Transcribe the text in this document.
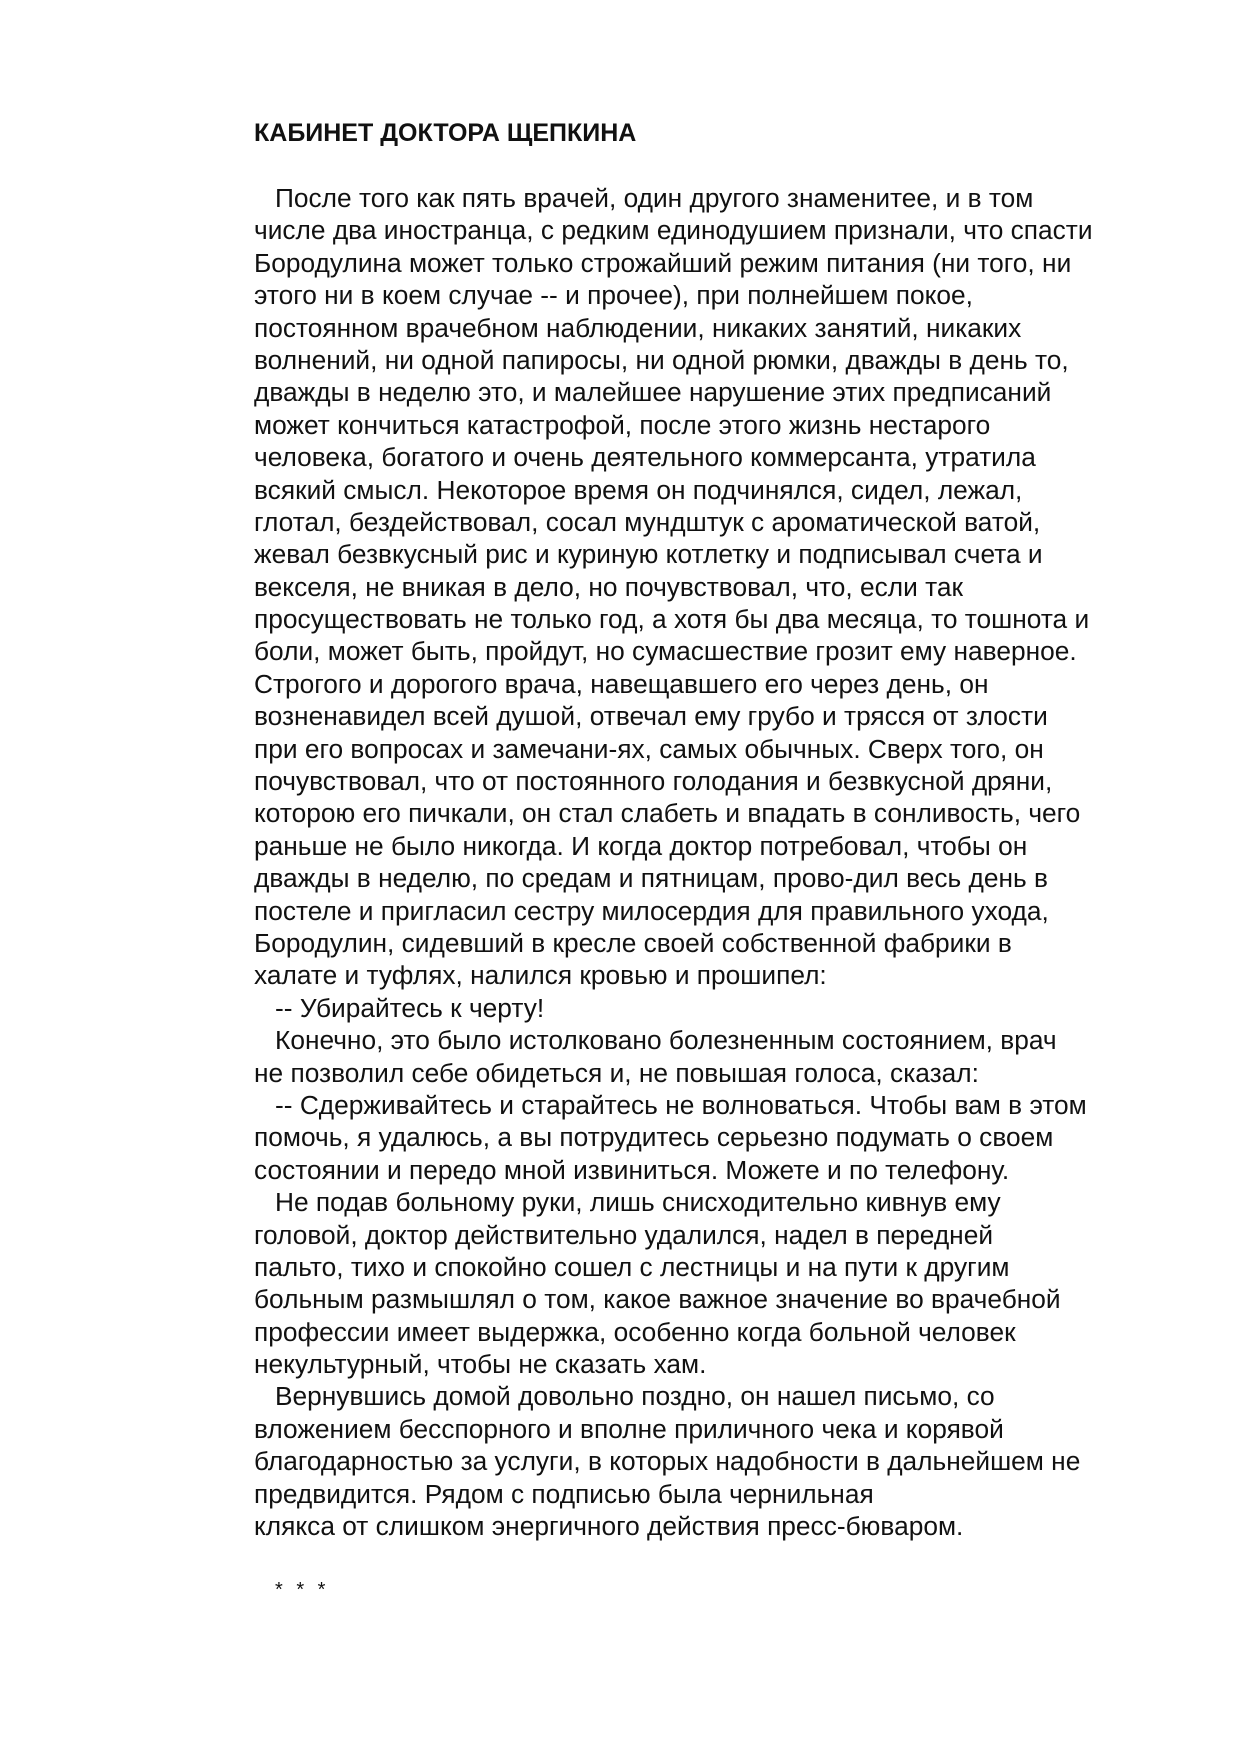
КАБИНЕТ ДОКТОРА ЩЕПКИНА
После того как пять врачей, один другого знаменитее, и в том
числе два иностранца, с редким единодушием признали, что спасти
Бородулина может только строжайший режим питания (ни того, ни
этого ни в коем случае -- и прочее), при полнейшем покое,
постоянном врачебном наблюдении, никаких занятий, никаких
волнений, ни одной папиросы, ни одной рюмки, дважды в день то,
дважды в неделю это, и малейшее нарушение этих предписаний
может кончиться катастрофой, после этого жизнь нестарого
человека, богатого и очень деятельного коммерсанта, утратила
всякий смысл. Некоторое время он подчинялся, сидел, лежал,
глотал, бездействовал, сосал мундштук с ароматической ватой,
жевал безвкусный рис и куриную котлетку и подписывал счета и
векселя, не вникая в дело, но почувствовал, что, если так
просуществовать не только год, а хотя бы два месяца, то тошнота и
боли, может быть, пройдут, но сумасшествие грозит ему наверное.
Строгого и дорогого врача, навещавшего его через день, он
возненавидел всей душой, отвечал ему грубо и трясся от злости
при его вопросах и замечани-ях, самых обычных. Сверх того, он
почувствовал, что от постоянного голодания и безвкусной дряни,
которою его пичкали, он стал слабеть и впадать в сонливость, чего
раньше не было никогда. И когда доктор потребовал, чтобы он
дважды в неделю, по средам и пятницам, прово-дил весь день в
постеле и пригласил сестру милосердия для правильного ухода,
Бородулин, сидевший в кресле своей собственной фабрики в
халате и туфлях, налился кровью и прошипел:
-- Убирайтесь к черту!
Конечно, это было истолковано болезненным состоянием, врач
не позволил себе обидеться и, не повышая голоса, сказал:
-- Сдерживайтесь и старайтесь не волноваться. Чтобы вам в этом
помочь, я удалюсь, а вы потрудитесь серьезно подумать о своем
состоянии и передо мной извиниться. Можете и по телефону.
Не подав больному руки, лишь снисходительно кивнув ему
головой, доктор действительно удалился, надел в передней
пальто, тихо и спокойно сошел с лестницы и на пути к другим
больным размышлял о том, какое важное значение во врачебной
профессии имеет выдержка, особенно когда больной человек
некультурный, чтобы не сказать хам.
Вернувшись домой довольно поздно, он нашел письмо, со
вложением бесспорного и вполне приличного чека и корявой
благодарностью за услуги, в которых надобности в дальнейшем не
предвидится. Рядом с подписью была чернильная
клякса от слишком энергичного действия пресс-бюваром.
* * *
